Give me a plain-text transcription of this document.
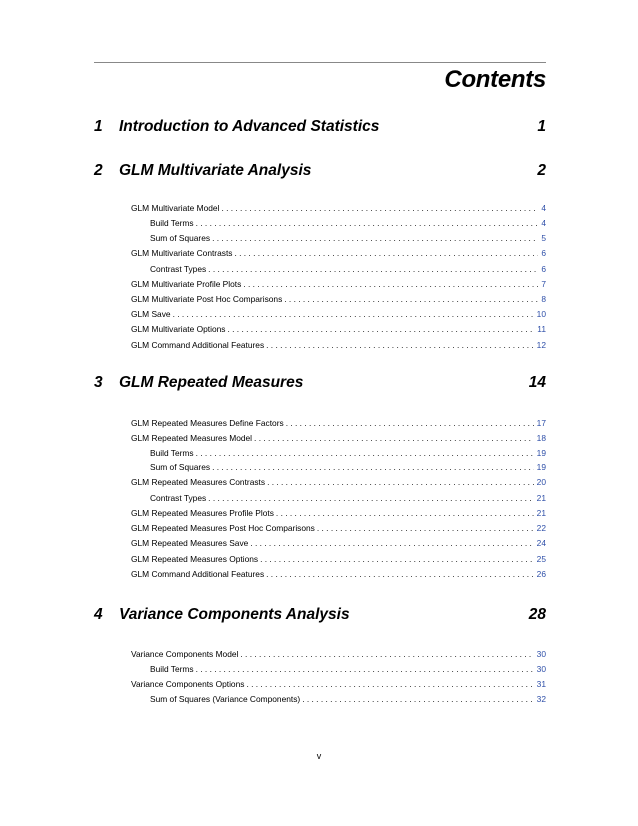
Contents
1 Introduction to Advanced Statistics	1
2 GLM Multivariate Analysis	2
GLM Multivariate Model . . .	4
Build Terms . . .	4
Sum of Squares . . .	5
GLM Multivariate Contrasts . . .	6
Contrast Types . . .	6
GLM Multivariate Profile Plots . . .	7
GLM Multivariate Post Hoc Comparisons . . .	8
GLM Save . . .	10
GLM Multivariate Options . . .	11
GLM Command Additional Features . . .	12
3 GLM Repeated Measures	14
GLM Repeated Measures Define Factors . . .	17
GLM Repeated Measures Model . . .	18
Build Terms . . .	19
Sum of Squares . . .	19
GLM Repeated Measures Contrasts . . .	20
Contrast Types . . .	21
GLM Repeated Measures Profile Plots . . .	21
GLM Repeated Measures Post Hoc Comparisons . . .	22
GLM Repeated Measures Save . . .	24
GLM Repeated Measures Options . . .	25
GLM Command Additional Features . . .	26
4 Variance Components Analysis	28
Variance Components Model . . .	30
Build Terms . . .	30
Variance Components Options . . .	31
Sum of Squares (Variance Components) . . .	32
v
